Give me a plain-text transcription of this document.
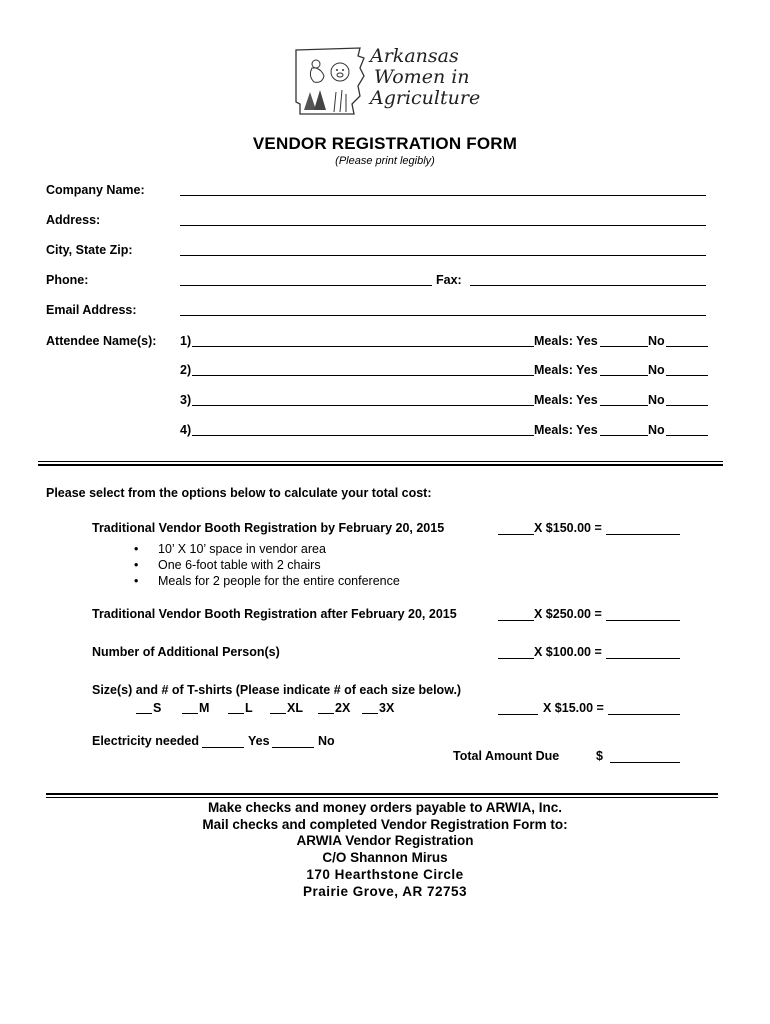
Arkansas
Women in
Agriculture
VENDOR REGISTRATION FORM
(Please print legibly)
Company Name:
Address:
City, State Zip:
Phone:	Fax:
Email Address:
Attendee Name(s): 1)	Meals: Yes	No
2)	Meals: Yes	No
3)	Meals: Yes	No
4)	Meals: Yes	No
Please select from the options below to calculate your total cost:
Traditional Vendor Booth Registration by February 20, 2015	X $150.00 =
• 10’ X 10’ space in vendor area
• One 6-foot table with 2 chairs
• Meals for 2 people for the entire conference
Traditional Vendor Booth Registration after February 20, 2015	X $250.00 =
Number of Additional Person(s)	X $100.00 =
Size(s) and # of T-shirts (Please indicate # of each size below.)
S	M	L	XL	2X 3X	X $15.00 =
Electricity needed	Yes	No
Total Amount Due	$
Make checks and money orders payable to ARWIA, Inc.
Mail checks and completed Vendor Registration Form to:
ARWIA Vendor Registration
C/O Shannon Mirus
170 Hearthstone Circle
Prairie Grove, AR 72753
